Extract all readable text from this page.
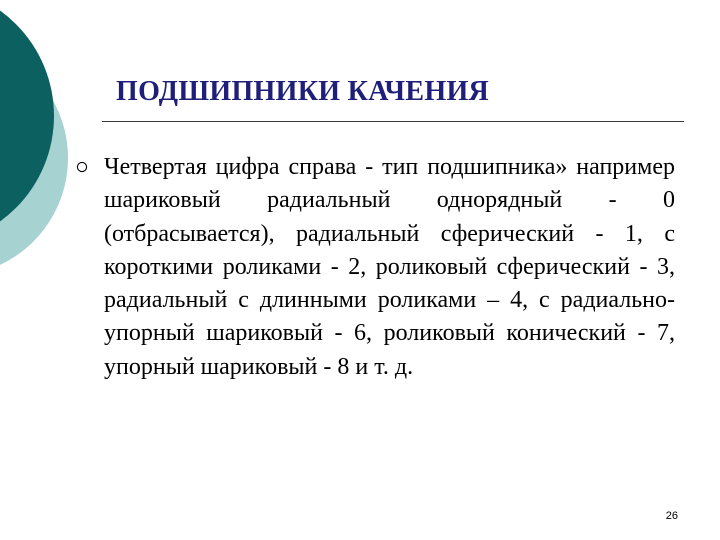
ПОДШИПНИКИ КАЧЕНИЯ

Четвертая цифра справа - тип подшипника» например шариковый радиальный однорядный - 0 (отбрасывается), радиальный сферический - 1, с короткими роликами - 2, роликовый сферический - 3, радиальный с длинными роликами – 4, с радиально-упорный шариковый - 6, роликовый конический - 7, упорный шариковый - 8 и т. д.

26
